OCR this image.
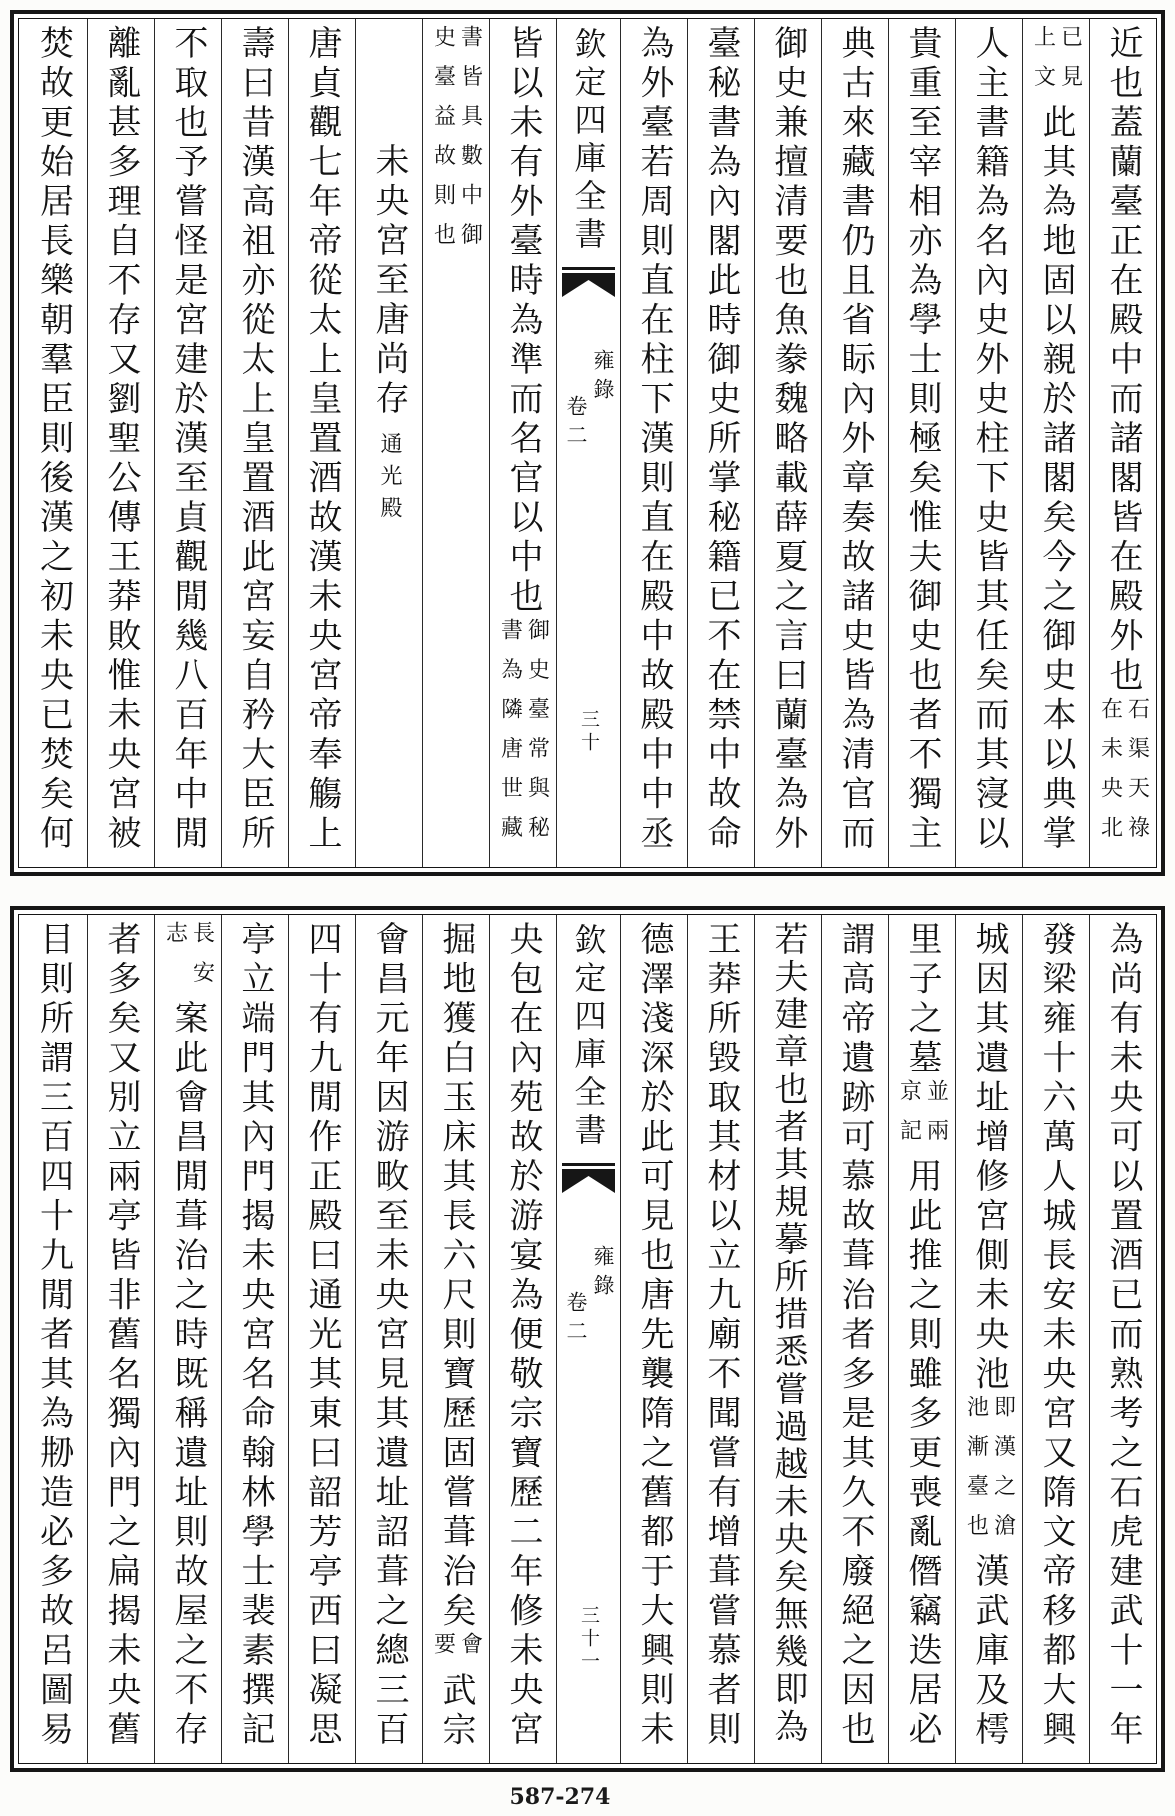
近也蓋蘭臺正在殿中而諸閣皆在殿外也
石渠天祿
在未央北
已見
上文
此其為地固以親於諸閣矣今之御史本以典掌
人主書籍為名內史外史柱下史皆其任矣而其寖以
貴重至宰相亦為學士則極矣惟夫御史也者不獨主
典古來藏書仍且省眎內外章奏故諸史皆為清官而
御史兼擅清要也魚豢魏略載薛夏之言曰蘭臺為外
臺秘書為內閣此時御史所掌秘籍已不在禁中故命
為外臺若周則直在柱下漢則直在殿中故殿中中丞
欽定四庫全書
雍錄
卷二
三十
皆以未有外臺時為準而名官以中也
御史臺常與秘
書為隣唐世藏
書皆具數中御
史臺益故則也
未央宮至唐尚存
通光殿
唐貞觀七年帝從太上皇置酒故漢未央宮帝奉觴上
壽曰昔漢高祖亦從太上皇置酒此宮妄自矜大臣所
不取也予嘗怪是宮建於漢至貞觀閒幾八百年中閒
離亂甚多理自不存又劉聖公傳王莽敗惟未央宮被
焚故更始居長樂朝羣臣則後漢之初未央已焚矣何
為尚有未央可以置酒已而熟考之石虎建武十一年
發梁雍十六萬人城長安未央宮又隋文帝移都大興
城因其遺址增修宮側未央池
即漢之滄
池漸臺也
漢武庫及樗
里子之墓
並兩
京記
用此推之則雖多更喪亂僭竊迭居必
謂高帝遺跡可慕故葺治者多是其久不廢絕之因也
若夫建章也者其規摹所措悉嘗過越未央矣無幾即為
王莽所毀取其材以立九廟不聞嘗有增葺嘗慕者則
德澤淺深於此可見也唐先襲隋之舊都于大興則未
欽定四庫全書
雍錄
卷二
三十一
央包在內苑故於游宴為便敬宗寶歷二年修未央宮
掘地獲白玉床其長六尺則寶歷固嘗葺治矣
會
要
武宗
會昌元年因游畋至未央宮見其遺址詔葺之總三百
四十有九閒作正殿曰通光其東曰韶芳亭西曰凝思
亭立端門其內門揭未央宮名命翰林學士裴素撰記
長安
志
案此會昌閒葺治之時既稱遺址則故屋之不存
者多矣又別立兩亭皆非舊名獨內門之扁揭未央舊
目則所謂三百四十九閒者其為刱造必多故呂圖易
587-274
